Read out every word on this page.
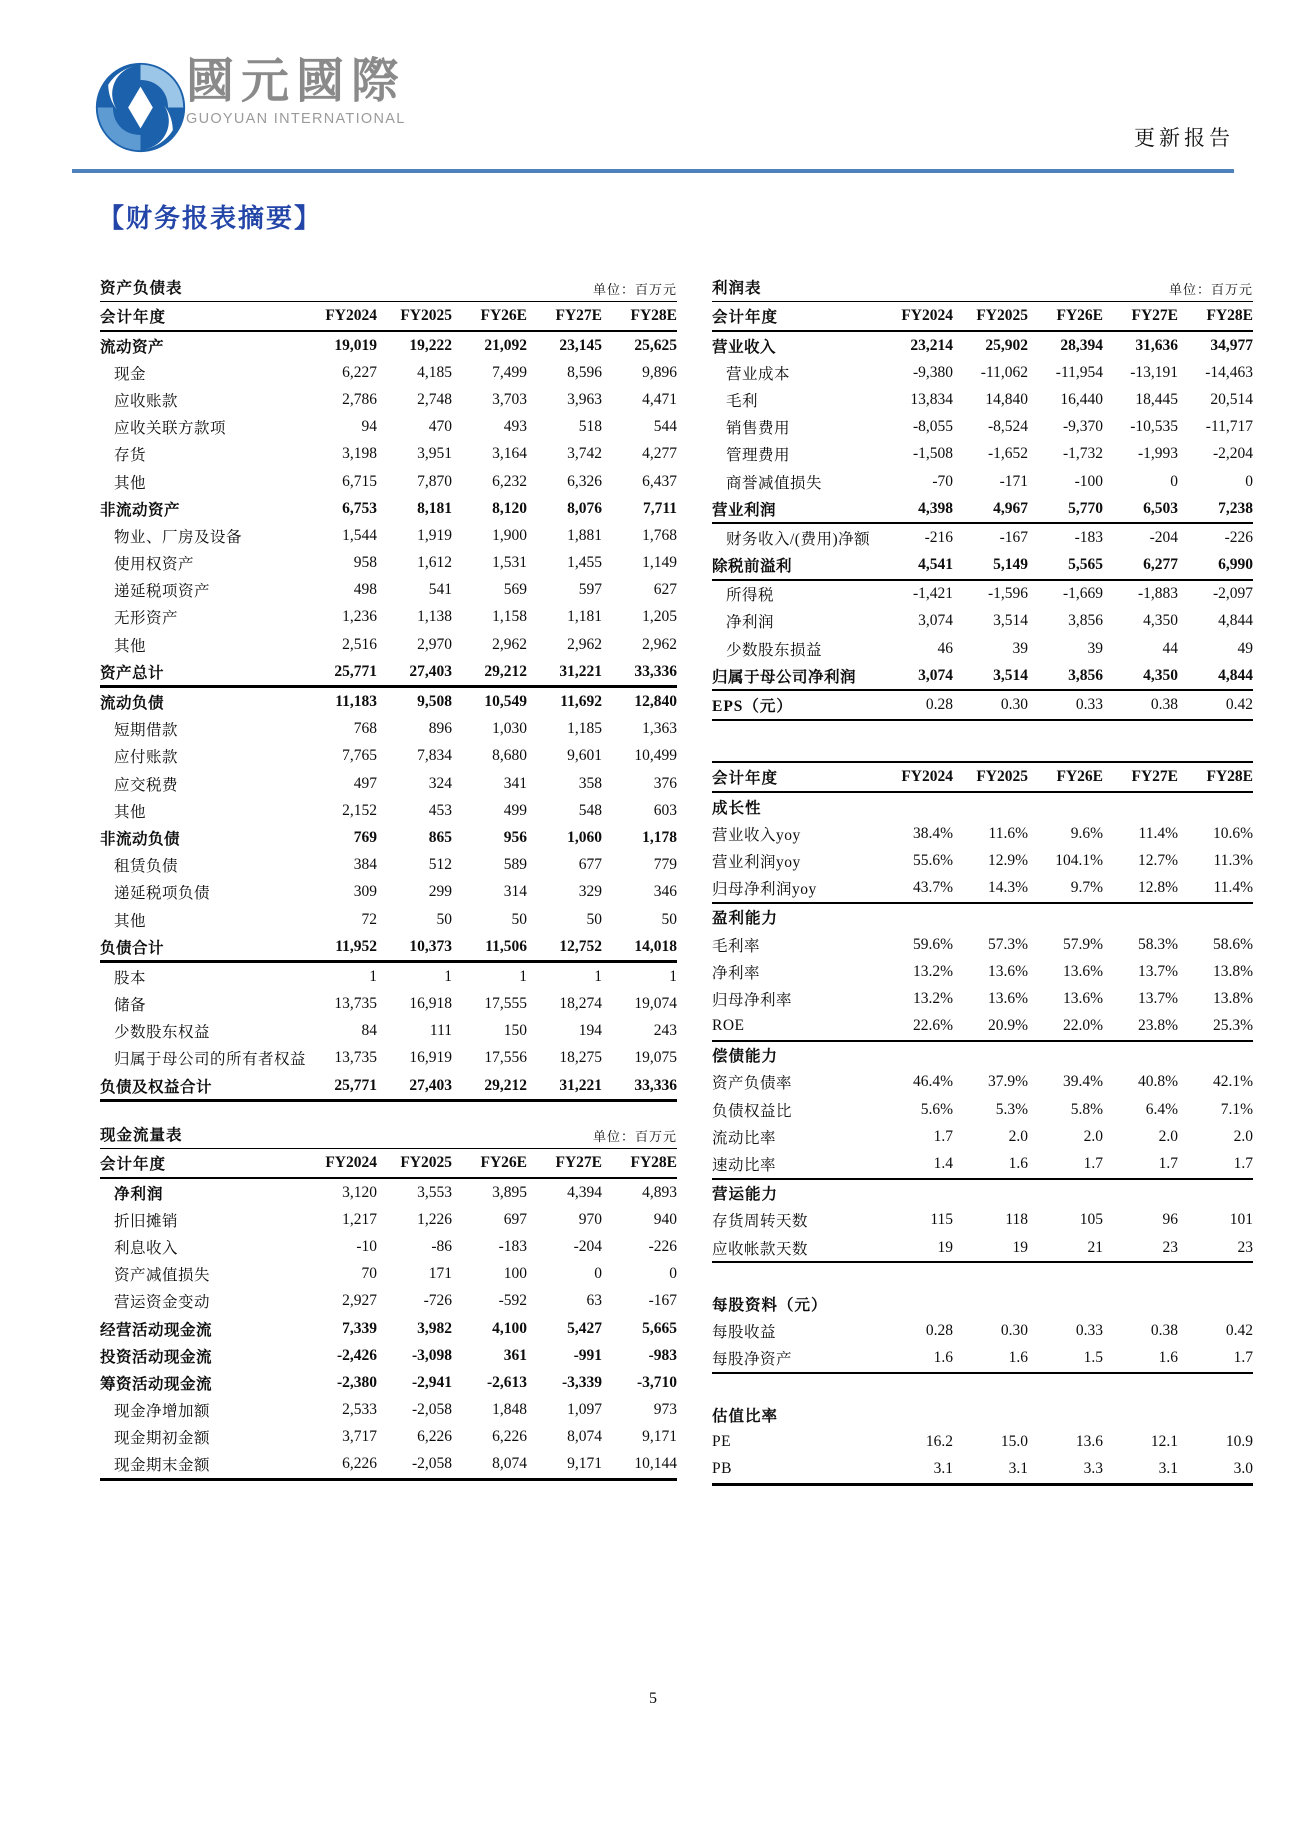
國元國際
GUOYUAN INTERNATIONAL
更新报告
【财务报表摘要】
资产负债表	单位：百万元
会计年度	FY2024	FY2025	FY26E	FY27E	FY28E
流动资产	19,019	19,222	21,092	23,145	25,625
现金	6,227	4,185	7,499	8,596	9,896
应收账款	2,786	2,748	3,703	3,963	4,471
应收关联方款项	94	470	493	518	544
存货	3,198	3,951	3,164	3,742	4,277
其他	6,715	7,870	6,232	6,326	6,437
非流动资产	6,753	8,181	8,120	8,076	7,711
物业、厂房及设备	1,544	1,919	1,900	1,881	1,768
使用权资产	958	1,612	1,531	1,455	1,149
递延税项资产	498	541	569	597	627
无形资产	1,236	1,138	1,158	1,181	1,205
其他	2,516	2,970	2,962	2,962	2,962
资产总计	25,771	27,403	29,212	31,221	33,336
流动负债	11,183	9,508	10,549	11,692	12,840
短期借款	768	896	1,030	1,185	1,363
应付账款	7,765	7,834	8,680	9,601	10,499
应交税费	497	324	341	358	376
其他	2,152	453	499	548	603
非流动负债	769	865	956	1,060	1,178
租赁负债	384	512	589	677	779
递延税项负债	309	299	314	329	346
其他	72	50	50	50	50
负债合计	11,952	10,373	11,506	12,752	14,018
股本	1	1	1	1	1
储备	13,735	16,918	17,555	18,274	19,074
少数股东权益	84	111	150	194	243
归属于母公司的所有者权益	13,735	16,919	17,556	18,275	19,075
负债及权益合计	25,771	27,403	29,212	31,221	33,336
利润表	单位：百万元
会计年度	FY2024	FY2025	FY26E	FY27E	FY28E
营业收入	23,214	25,902	28,394	31,636	34,977
营业成本	-9,380	-11,062	-11,954	-13,191	-14,463
毛利	13,834	14,840	16,440	18,445	20,514
销售费用	-8,055	-8,524	-9,370	-10,535	-11,717
管理费用	-1,508	-1,652	-1,732	-1,993	-2,204
商誉减值损失	-70	-171	-100	0	0
营业利润	4,398	4,967	5,770	6,503	7,238
财务收入/(费用)净额	-216	-167	-183	-204	-226
除税前溢利	4,541	5,149	5,565	6,277	6,990
所得税	-1,421	-1,596	-1,669	-1,883	-2,097
净利润	3,074	3,514	3,856	4,350	4,844
少数股东损益	46	39	39	44	49
归属于母公司净利润	3,074	3,514	3,856	4,350	4,844
EPS（元）	0.28	0.30	0.33	0.38	0.42
会计年度	FY2024	FY2025	FY26E	FY27E	FY28E
成长性					
营业收入yoy	38.4%	11.6%	9.6%	11.4%	10.6%
营业利润yoy	55.6%	12.9%	104.1%	12.7%	11.3%
归母净利润yoy	43.7%	14.3%	9.7%	12.8%	11.4%
盈利能力					
毛利率	59.6%	57.3%	57.9%	58.3%	58.6%
净利率	13.2%	13.6%	13.6%	13.7%	13.8%
归母净利率	13.2%	13.6%	13.6%	13.7%	13.8%
ROE	22.6%	20.9%	22.0%	23.8%	25.3%
偿债能力					
资产负债率	46.4%	37.9%	39.4%	40.8%	42.1%
负债权益比	5.6%	5.3%	5.8%	6.4%	7.1%
流动比率	1.7	2.0	2.0	2.0	2.0
速动比率	1.4	1.6	1.7	1.7	1.7
营运能力					
存货周转天数	115	118	105	96	101
应收帐款天数	19	19	21	23	23

每股资料（元）					
每股收益	0.28	0.30	0.33	0.38	0.42
每股净资产	1.6	1.6	1.5	1.6	1.7

估值比率					
PE	16.2	15.0	13.6	12.1	10.9
PB	3.1	3.1	3.3	3.1	3.0
现金流量表	单位：百万元
会计年度	FY2024	FY2025	FY26E	FY27E	FY28E
净利润	3,120	3,553	3,895	4,394	4,893
折旧摊销	1,217	1,226	697	970	940
利息收入	-10	-86	-183	-204	-226
资产减值损失	70	171	100	0	0
营运资金变动	2,927	-726	-592	63	-167
经营活动现金流	7,339	3,982	4,100	5,427	5,665
投资活动现金流	-2,426	-3,098	361	-991	-983
筹资活动现金流	-2,380	-2,941	-2,613	-3,339	-3,710
现金净增加额	2,533	-2,058	1,848	1,097	973
现金期初金额	3,717	6,226	6,226	8,074	9,171
现金期末金额	6,226	-2,058	8,074	9,171	10,144
5
